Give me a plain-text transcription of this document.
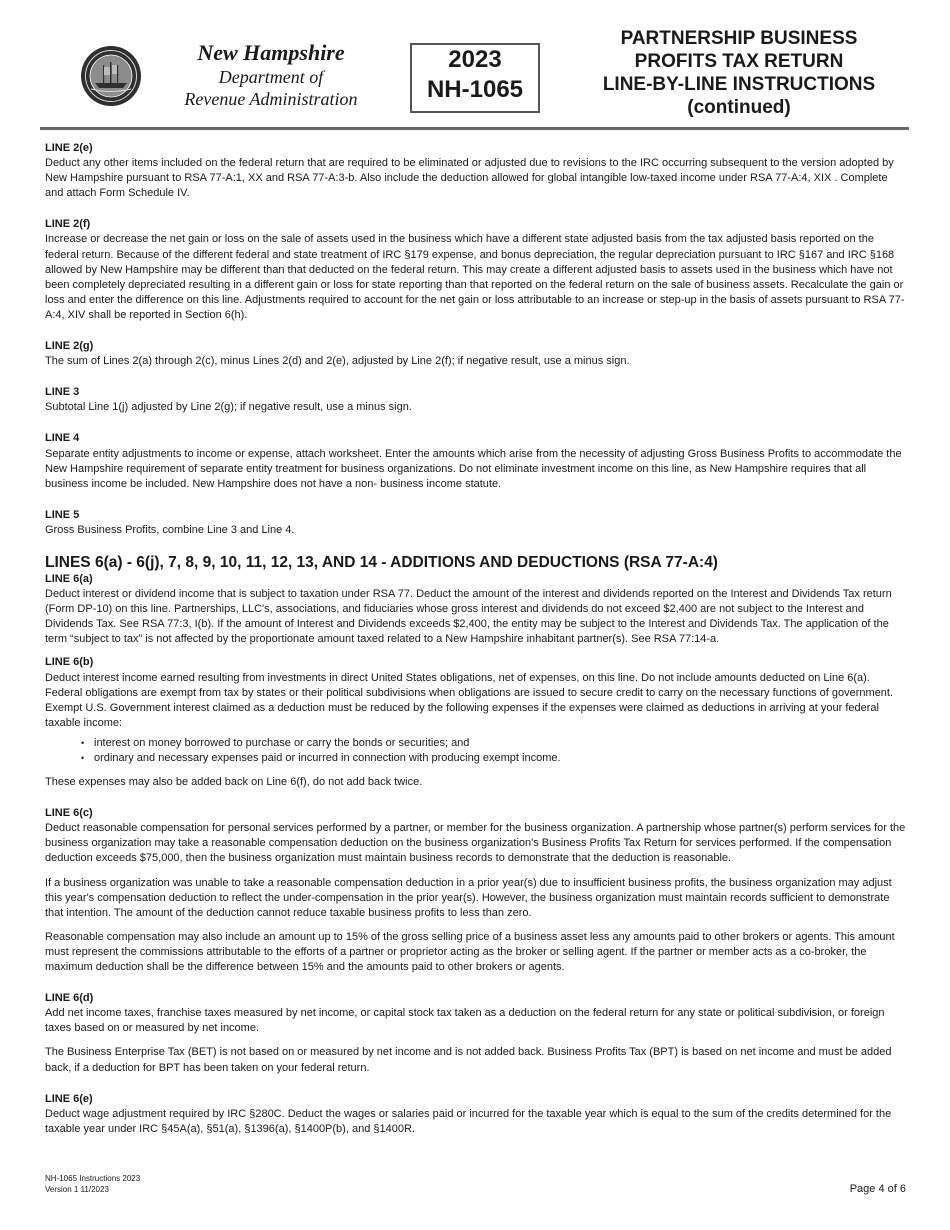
New Hampshire
Department of
Revenue Administration
2023
NH-1065
PARTNERSHIP BUSINESS
PROFITS TAX RETURN
LINE-BY-LINE INSTRUCTIONS
(continued)

LINE 2(e)

Deduct any other items included on the federal return that are required to be eliminated or adjusted due to revisions to the IRC occurring subsequent to the version adopted by New Hampshire pursuant to RSA 77-A:1, XX and RSA 77-A:3-b. Also include the deduction allowed for global intangible low-taxed income under RSA 77-A:4, XIX . Complete and attach Form Schedule IV.

LINE 2(f)

Increase or decrease the net gain or loss on the sale of assets used in the business which have a different state adjusted basis from the tax adjusted basis reported on the federal return. Because of the different federal and state treatment of IRC §179 expense, and bonus depreciation, the regular depreciation pursuant to IRC §167 and IRC §168 allowed by New Hampshire may be different than that deducted on the federal return. This may create a different adjusted basis to assets used in the business which have not been completely depreciated resulting in a different gain or loss for state reporting than that reported on the federal return on the sale of business assets. Recalculate the gain or loss and enter the difference on this line. Adjustments required to account for the net gain or loss attributable to an increase or step-up in the basis of assets pursuant to RSA 77-A:4, XIV shall be reported in Section 6(h).

LINE 2(g)

The sum of Lines 2(a) through 2(c), minus Lines 2(d) and 2(e), adjusted by Line 2(f); if negative result, use a minus sign.

LINE 3

Subtotal Line 1(j) adjusted by Line 2(g); if negative result, use a minus sign.

LINE 4

Separate entity adjustments to income or expense, attach worksheet. Enter the amounts which arise from the necessity of adjusting Gross Business Profits to accommodate the New Hampshire requirement of separate entity treatment for business organizations. Do not eliminate investment income on this line, as New Hampshire requires that all business income be included. New Hampshire does not have a non- business income statute.

LINE 5

Gross Business Profits, combine Line 3 and Line 4.

LINES 6(a) - 6(j), 7, 8, 9, 10, 11, 12, 13, AND 14 - ADDITIONS AND DEDUCTIONS (RSA 77-A:4)

LINE 6(a)

Deduct interest or dividend income that is subject to taxation under RSA 77. Deduct the amount of the interest and dividends reported on the Interest and Dividends Tax return (Form DP-10) on this line. Partnerships, LLC's, associations, and fiduciaries whose gross interest and dividends do not exceed $2,400 are not subject to the Interest and Dividends Tax. See RSA 77:3, I(b). If the amount of Interest and Dividends exceeds $2,400, the entity may be subject to the Interest and Dividends Tax. The application of the term “subject to tax” is not affected by the proportionate amount taxed related to a New Hampshire inhabitant partner(s). See RSA 77:14-a.

LINE 6(b)

Deduct interest income earned resulting from investments in direct United States obligations, net of expenses, on this line. Do not include amounts deducted on Line 6(a). Federal obligations are exempt from tax by states or their political subdivisions when obligations are issued to secure credit to carry on the necessary functions of government. Exempt U.S. Government interest claimed as a deduction must be reduced by the following expenses if the expenses were claimed as deductions in arriving at your federal taxable income:

• interest on money borrowed to purchase or carry the bonds or securities; and
• ordinary and necessary expenses paid or incurred in connection with producing exempt income.

These expenses may also be added back on Line 6(f), do not add back twice.

LINE 6(c)

Deduct reasonable compensation for personal services performed by a partner, or member for the business organization. A partnership whose partner(s) perform services for the business organization may take a reasonable compensation deduction on the business organization's Business Profits Tax Return for services performed. If the compensation deduction exceeds $75,000, then the business organization must maintain business records to demonstrate that the deduction is reasonable.

If a business organization was unable to take a reasonable compensation deduction in a prior year(s) due to insufficient business profits, the business organization may adjust this year's compensation deduction to reflect the under-compensation in the prior year(s). However, the business organization must maintain records sufficient to demonstrate that intention. The amount of the deduction cannot reduce taxable business profits to less than zero.

Reasonable compensation may also include an amount up to 15% of the gross selling price of a business asset less any amounts paid to other brokers or agents. This amount must represent the commissions attributable to the efforts of a partner or proprietor acting as the broker or selling agent. If the partner or member acts as a co-broker, the maximum deduction shall be the difference between 15% and the amounts paid to other brokers or agents.

LINE 6(d)

Add net income taxes, franchise taxes measured by net income, or capital stock tax taken as a deduction on the federal return for any state or political subdivision, or foreign taxes based on or measured by net income.

The Business Enterprise Tax (BET) is not based on or measured by net income and is not added back. Business Profits Tax (BPT) is based on net income and must be added back, if a deduction for BPT has been taken on your federal return.

LINE 6(e)

Deduct wage adjustment required by IRC §280C. Deduct the wages or salaries paid or incurred for the taxable year which is equal to the sum of the credits determined for the taxable year under IRC §45A(a), §51(a), §1396(a), §1400P(b), and §1400R.

NH-1065 Instructions 2023
Version 1 11/2023	Page 4 of 6
